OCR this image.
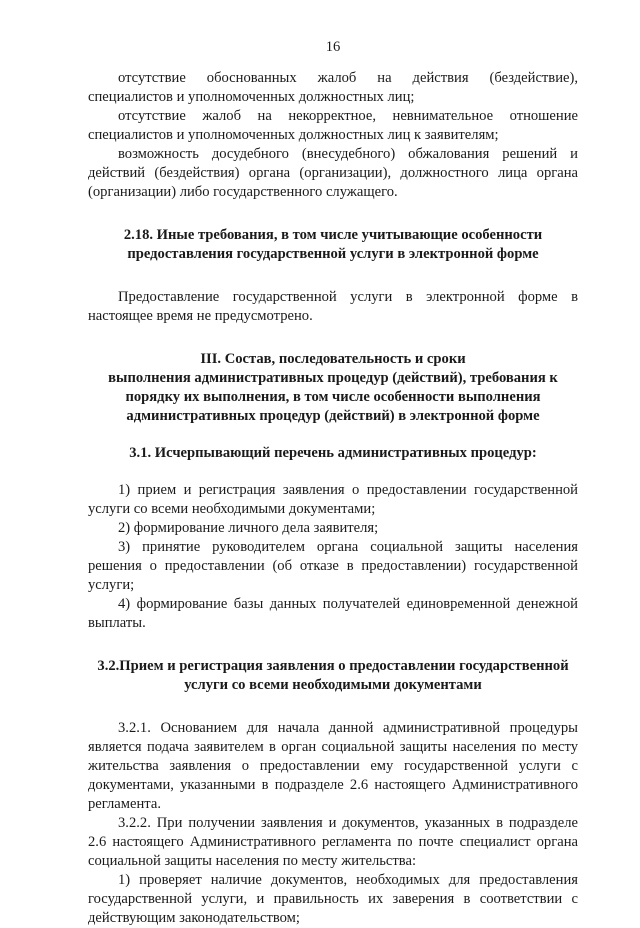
16

отсутствие обоснованных жалоб на действия (бездействие), специалистов и уполномоченных должностных лиц;

отсутствие жалоб на некорректное, невнимательное отношение специалистов и уполномоченных должностных лиц к заявителям;

возможность досудебного (внесудебного) обжалования решений и действий (бездействия) органа (организации), должностного лица органа (организации) либо государственного служащего.

2.18. Иные требования, в том числе учитывающие особенности предоставления государственной услуги в электронной форме

Предоставление государственной услуги в электронной форме в настоящее время не предусмотрено.

III. Состав, последовательность и сроки
выполнения административных процедур (действий), требования к порядку их выполнения, в том числе особенности выполнения административных процедур (действий) в электронной форме

3.1. Исчерпывающий перечень административных процедур:

1) прием и регистрация заявления о предоставлении государственной услуги со всеми необходимыми документами;

2) формирование личного дела заявителя;

3) принятие руководителем органа социальной защиты населения решения о предоставлении (об отказе в предоставлении) государственной услуги;

4) формирование базы данных получателей единовременной денежной выплаты.

3.2.Прием и регистрация заявления о предоставлении государственной услуги со всеми необходимыми документами

3.2.1. Основанием для начала данной административной процедуры является подача заявителем в орган социальной защиты населения по месту жительства заявления о предоставлении ему государственной услуги с документами, указанными в подразделе 2.6 настоящего Административного регламента.

3.2.2. При получении заявления и документов, указанных в подразделе 2.6 настоящего Административного регламента по почте специалист органа социальной защиты населения по месту жительства:

1) проверяет наличие документов, необходимых для предоставления государственной услуги, и правильность их заверения в соответствии с действующим законодательством;
